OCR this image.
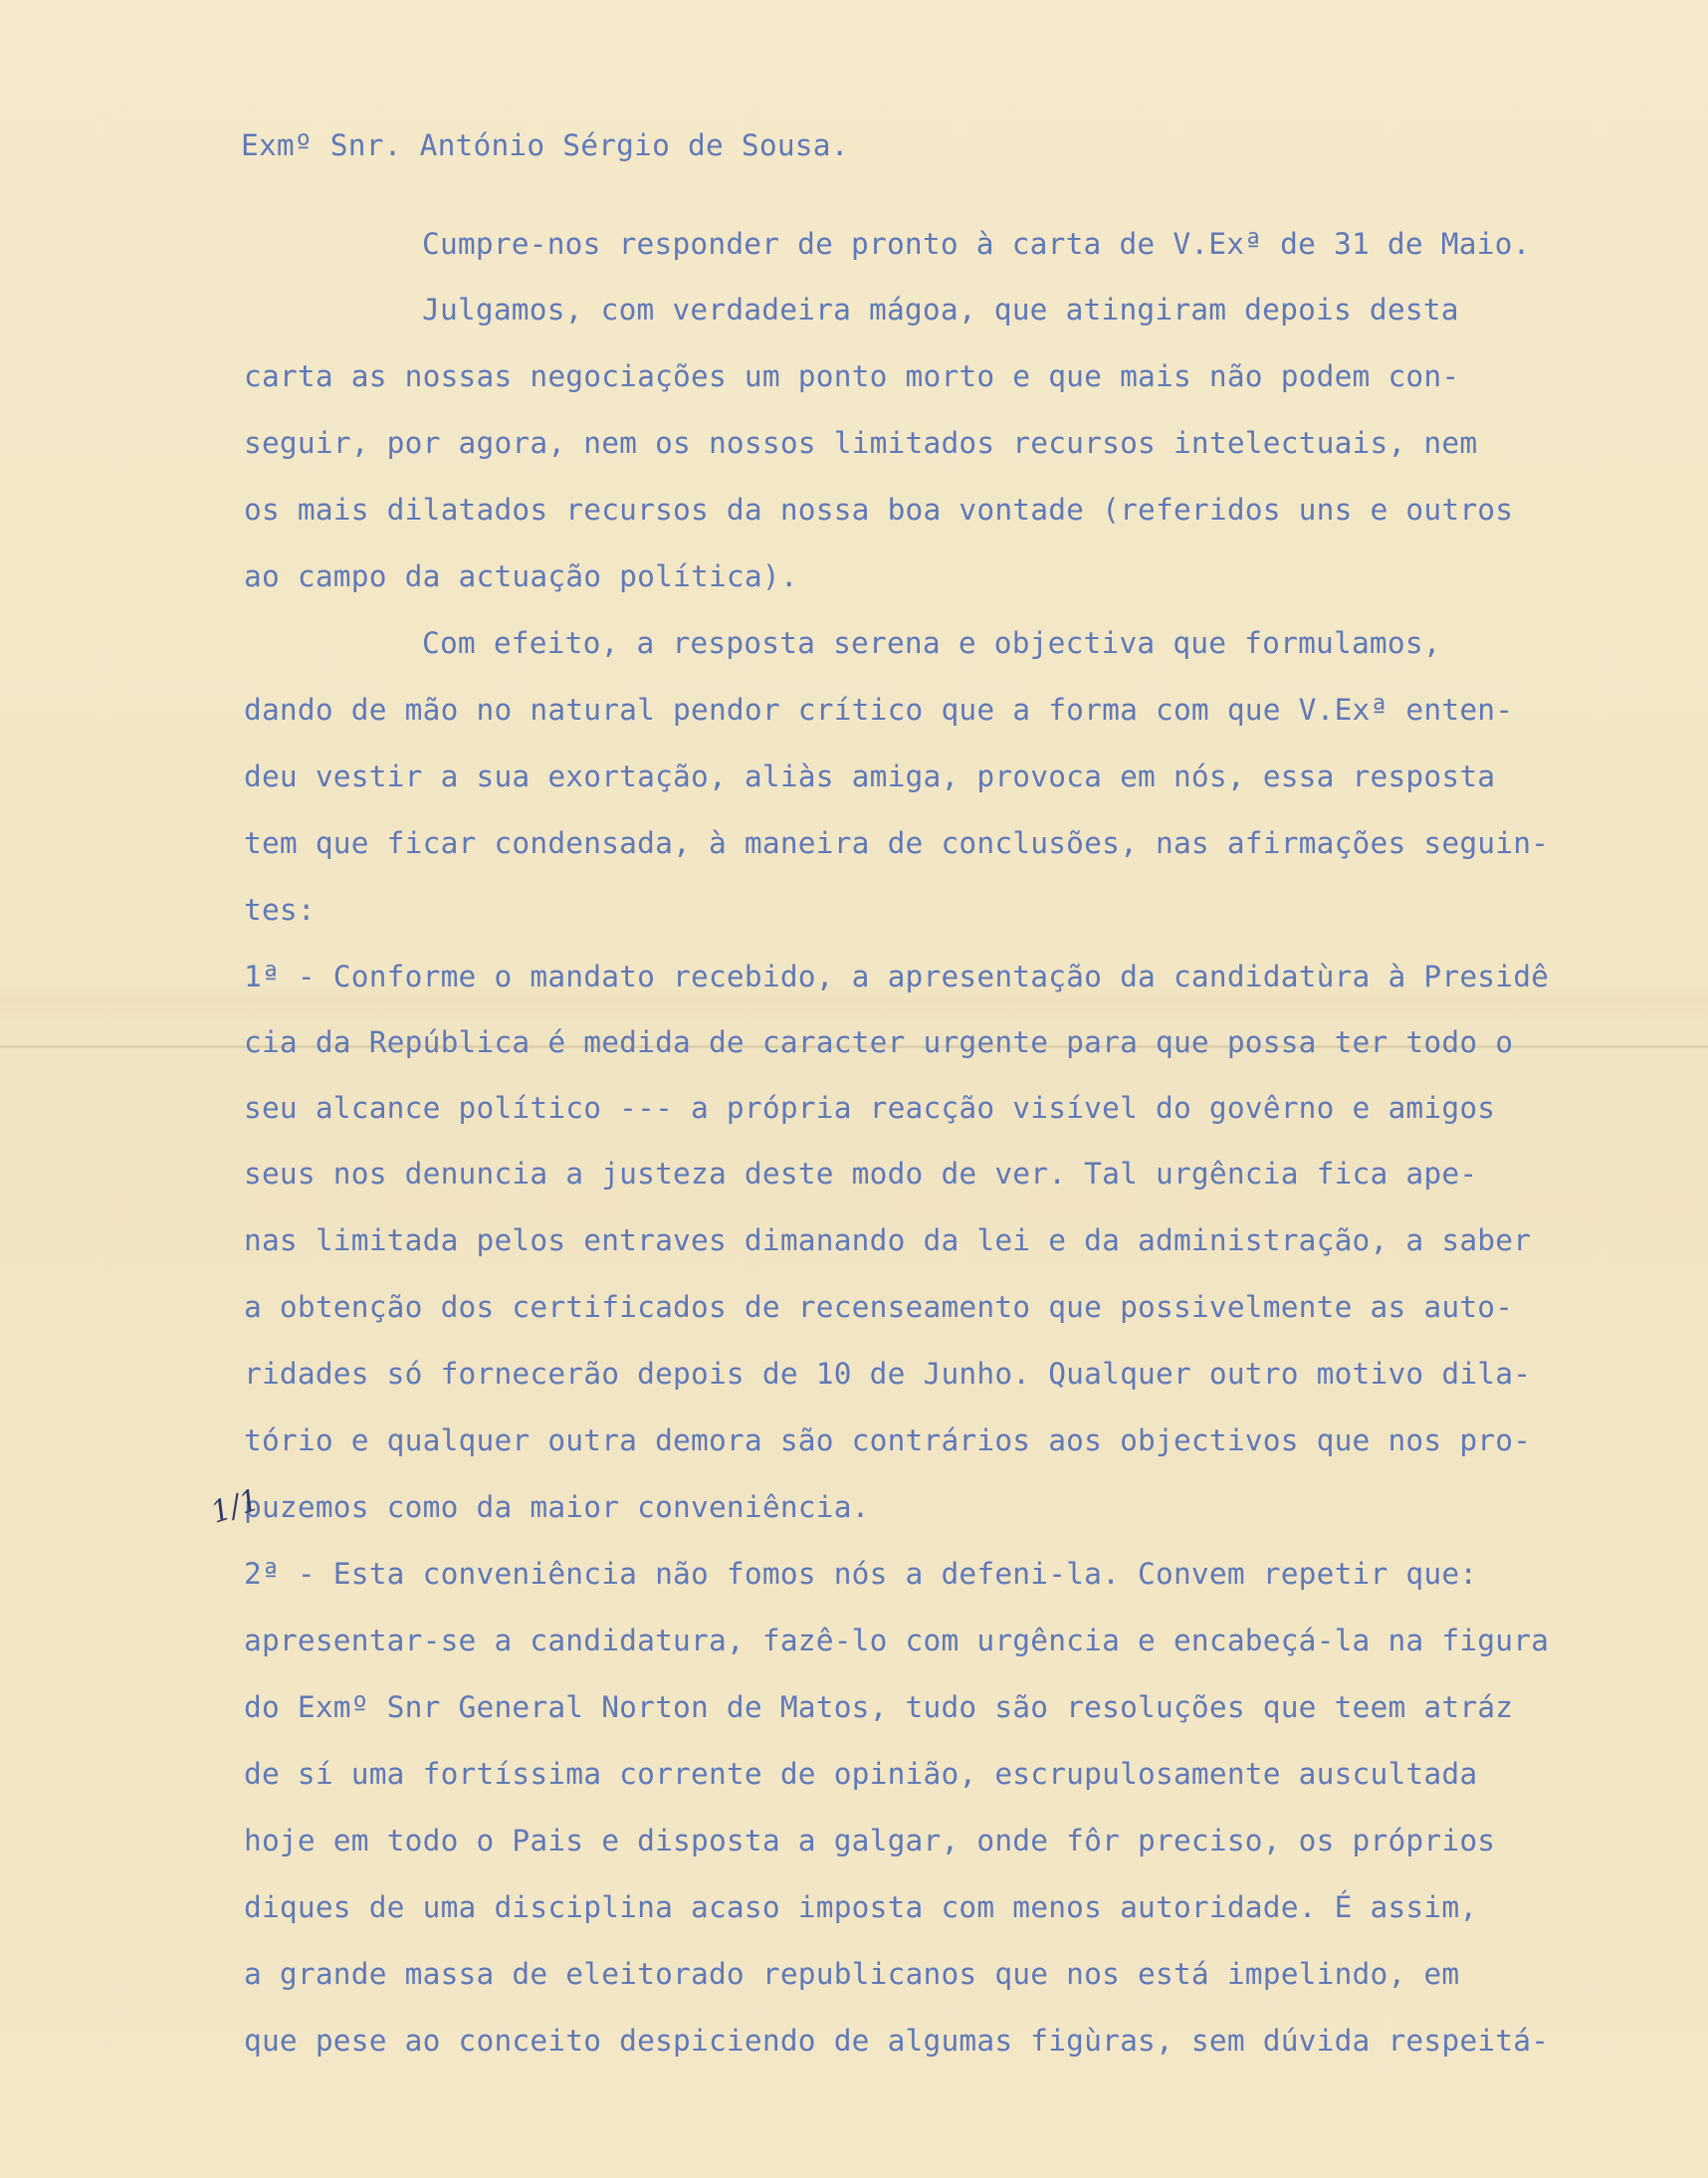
Exmº Snr. António Sérgio de Sousa.
Cumpre-nos responder de pronto à carta de V.Exª de 31 de Maio.
Julgamos, com verdadeira mágoa, que atingiram depois desta
carta as nossas negociações um ponto morto e que mais não podem con-
seguir, por agora, nem os nossos limitados recursos intelectuais, nem
os mais dilatados recursos da nossa boa vontade (referidos uns e outros
ao campo da actuação política).
Com efeito, a resposta serena e objectiva que formulamos,
dando de mão no natural pendor crítico que a forma com que V.Exª enten-
deu vestir a sua exortação, aliàs amiga, provoca em nós, essa resposta
tem que ficar condensada, à maneira de conclusões, nas afirmações seguin-
tes:
1ª - Conforme o mandato recebido, a apresentação da candidatùra à Presidê
cia da República é medida de caracter urgente para que possa ter todo o
seu alcance político --- a própria reacção visível do govêrno e amigos
seus nos denuncia a justeza deste modo de ver. Tal urgência fica ape-
nas limitada pelos entraves dimanando da lei e da administração, a saber
a obtenção dos certificados de recenseamento que possivelmente as auto-
ridades só fornecerão depois de 10 de Junho. Qualquer outro motivo dila-
tório e qualquer outra demora são contrários aos objectivos que nos pro-
puzemos como da maior conveniência.
2ª - Esta conveniência não fomos nós a defeni-la. Convem repetir que:
apresentar-se a candidatura, fazê-lo com urgência e encabeçá-la na figura
do Exmº Snr General Norton de Matos, tudo são resoluções que teem atráz
de sí uma fortíssima corrente de opinião, escrupulosamente auscultada
hoje em todo o Pais e disposta a galgar, onde fôr preciso, os próprios
diques de uma disciplina acaso imposta com menos autoridade. É assim,
a grande massa de eleitorado republicanos que nos está impelindo, em
que pese ao conceito despiciendo de algumas figùras, sem dúvida respeitá-
1/1
